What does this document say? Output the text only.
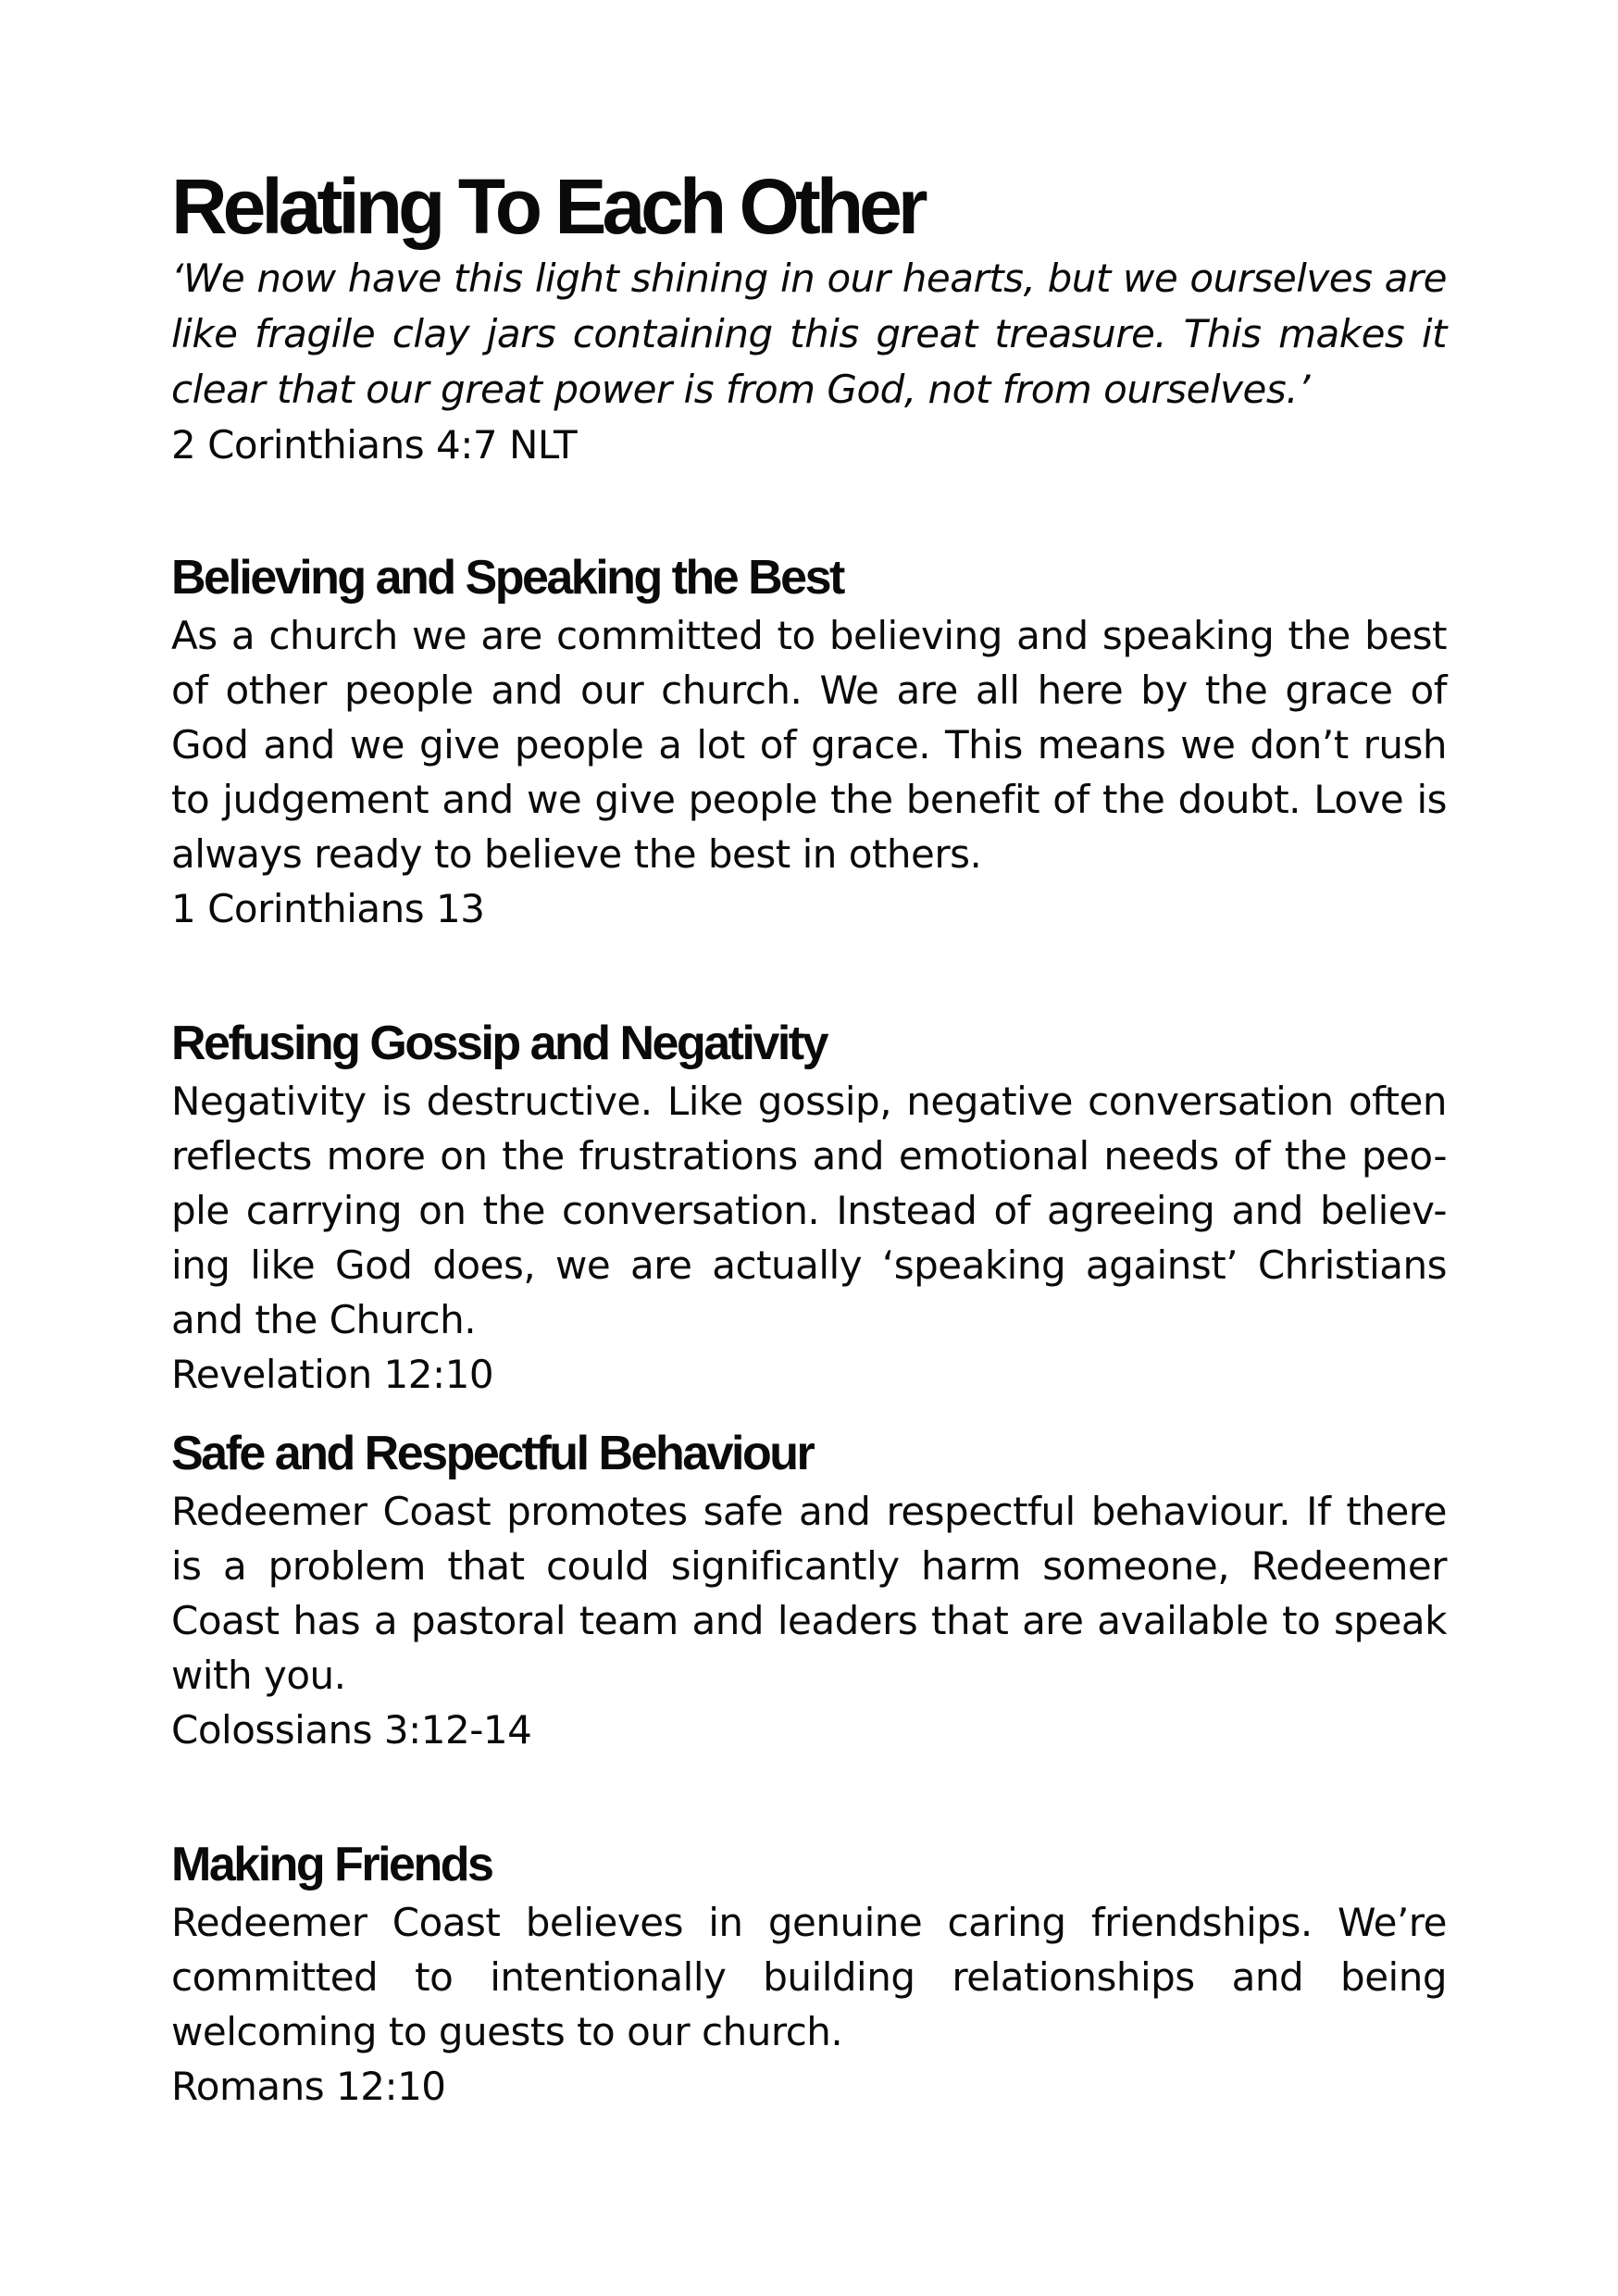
Relating To Each Other

‘We now have this light shining in our hearts, but we ourselves are like fragile clay jars containing this great treasure. This makes it clear that our great power is from God, not from ourselves.’

2 Corinthians 4:7 NLT

Believing and Speaking the Best

As a church we are committed to believing and speaking the best of other people and our church. We are all here by the grace of God and we give people a lot of grace. This means we don’t rush to judgement and we give people the benefit of the doubt. Love is always ready to believe the best in others.

1 Corinthians 13

Refusing Gossip and Negativity

Negativity is destructive. Like gossip, negative conversation often reflects more on the frustrations and emotional needs of the peo-ple carrying on the conversation. Instead of agreeing and believ-ing like God does, we are actually ‘speaking against’ Christians and the Church.

Revelation 12:10

Safe and Respectful Behaviour

Redeemer Coast promotes safe and respectful behaviour. If there is a problem that could significantly harm someone, Redeemer Coast has a pastoral team and leaders that are available to speak with you.

Colossians 3:12-14

Making Friends

Redeemer Coast believes in genuine caring friendships. We’re committed to intentionally building relationships and being welcoming to guests to our church.

Romans 12:10
